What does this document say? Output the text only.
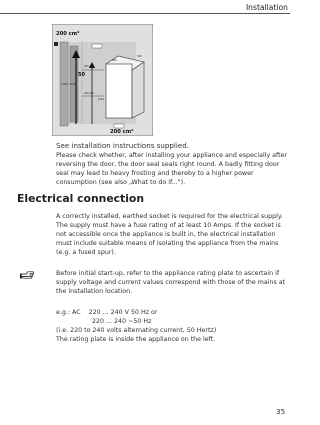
Installation
200 cm²
200 cm²
50
200 min.
1165 / 1180?
160 min.
560
1214
540
See installation instructions supplied.

Please check whether, after installing your appliance and especially after reversing the door, the door seal seals right round. A badly fitting door seal may lead to heavy frosting and thereby to a higher power consumption (see also „What to do if...").

Electrical connection

A correctly installed, earthed socket is required for the electrical supply. The supply must have a fuse rating of at least 10 Amps. If the socket is not accessible once the appliance is built in, the electrical installation must include suitable means of isolating the appliance from the mains (e.g. a fused spur).

Before initial start-up, refer to the appliance rating plate to ascertain if supply voltage and current values correspond with those of the mains at the installation location.

e.g.: AC    220 ... 240 V 50 Hz or
220 ... 240 ~50 Hz

(i.e. 220 to 240 volts alternating current, 50 Hertz)

The rating plate is inside the appliance on the left.

35
